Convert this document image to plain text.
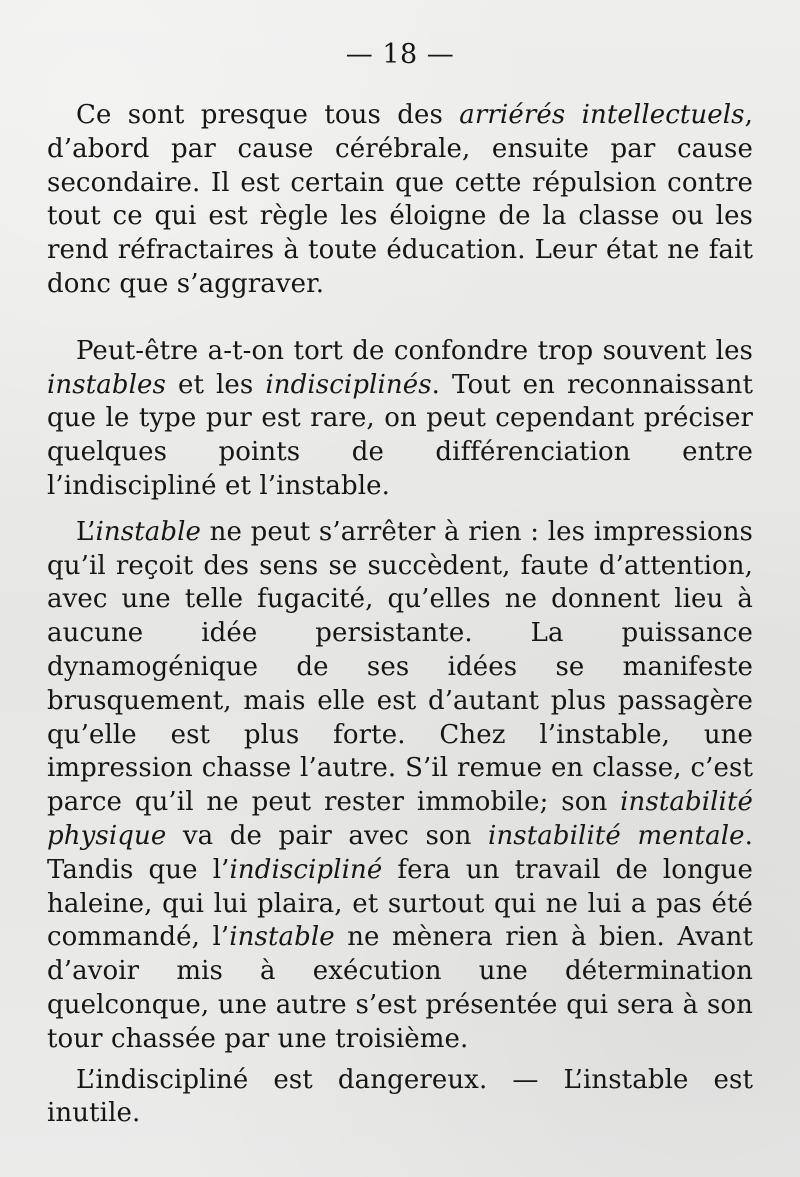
— 18 —

Ce sont presque tous des arriérés intellectuels, d’abord par cause cérébrale, ensuite par cause secondaire. Il est certain que cette répulsion contre tout ce qui est règle les éloigne de la classe ou les rend réfractaires à toute éducation. Leur état ne fait donc que s’aggraver.

Peut-être a-t-on tort de confondre trop souvent les instables et les indisciplinés. Tout en reconnaissant que le type pur est rare, on peut cependant préciser quelques points de différenciation entre l’indiscipliné et l’instable.

L’instable ne peut s’arrêter à rien : les impressions qu’il reçoit des sens se succèdent, faute d’attention, avec une telle fugacité, qu’elles ne donnent lieu à aucune idée persistante. La puissance dynamogénique de ses idées se manifeste brusquement, mais elle est d’autant plus passagère qu’elle est plus forte. Chez l’instable, une impression chasse l’autre. S’il remue en classe, c’est parce qu’il ne peut rester immobile; son instabilité physique va de pair avec son instabilité mentale. Tandis que l’indiscipliné fera un travail de longue haleine, qui lui plaira, et surtout qui ne lui a pas été commandé, l’instable ne mènera rien à bien. Avant d’avoir mis à exécution une détermination quelconque, une autre s’est présentée qui sera à son tour chassée par une troisième.

L’indiscipliné est dangereux. — L’instable est inutile.
